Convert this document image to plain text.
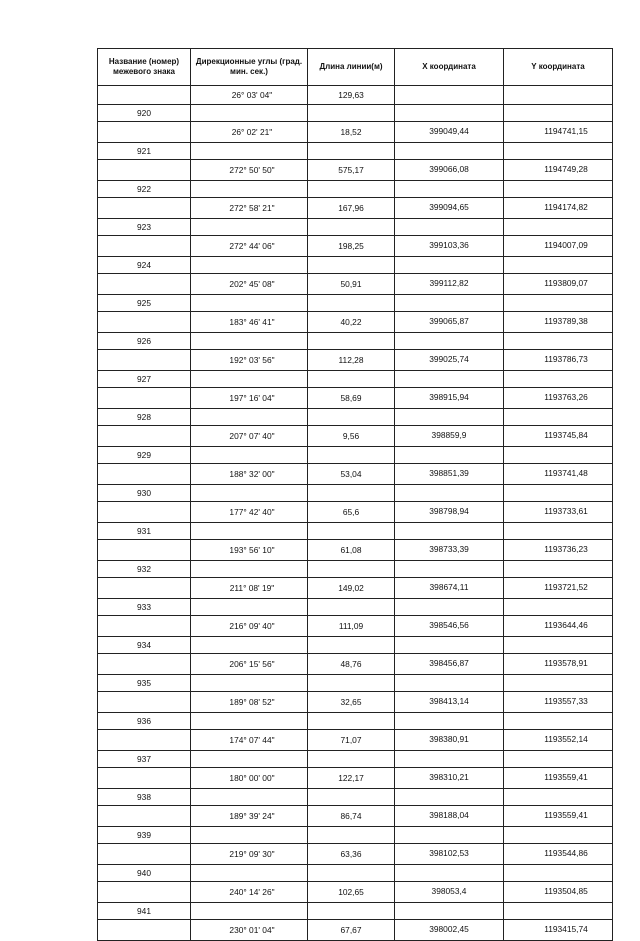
Название (номер) межевого знака	Дирекционные углы (град. мин. сек.)	Длина линии(м)	X координата	Y координата
	26° 03' 04"	129,63		
920				
	26° 02' 21"	18,52	399049,44	1194741,15
921				
	272° 50' 50"	575,17	399066,08	1194749,28
922				
	272° 58' 21"	167,96	399094,65	1194174,82
923				
	272° 44' 06"	198,25	399103,36	1194007,09
924				
	202° 45' 08"	50,91	399112,82	1193809,07
925				
	183° 46' 41"	40,22	399065,87	1193789,38
926				
	192° 03' 56"	112,28	399025,74	1193786,73
927				
	197° 16' 04"	58,69	398915,94	1193763,26
928				
	207° 07' 40"	9,56	398859,9	1193745,84
929				
	188° 32' 00"	53,04	398851,39	1193741,48
930				
	177° 42' 40"	65,6	398798,94	1193733,61
931				
	193° 56' 10"	61,08	398733,39	1193736,23
932				
	211° 08' 19"	149,02	398674,11	1193721,52
933				
	216° 09' 40"	111,09	398546,56	1193644,46
934				
	206° 15' 56"	48,76	398456,87	1193578,91
935				
	189° 08' 52"	32,65	398413,14	1193557,33
936				
	174° 07' 44"	71,07	398380,91	1193552,14
937				
	180° 00' 00"	122,17	398310,21	1193559,41
938				
	189° 39' 24"	86,74	398188,04	1193559,41
939				
	219° 09' 30"	63,36	398102,53	1193544,86
940				
	240° 14' 26"	102,65	398053,4	1193504,85
941				
	230° 01' 04"	67,67	398002,45	1193415,74
